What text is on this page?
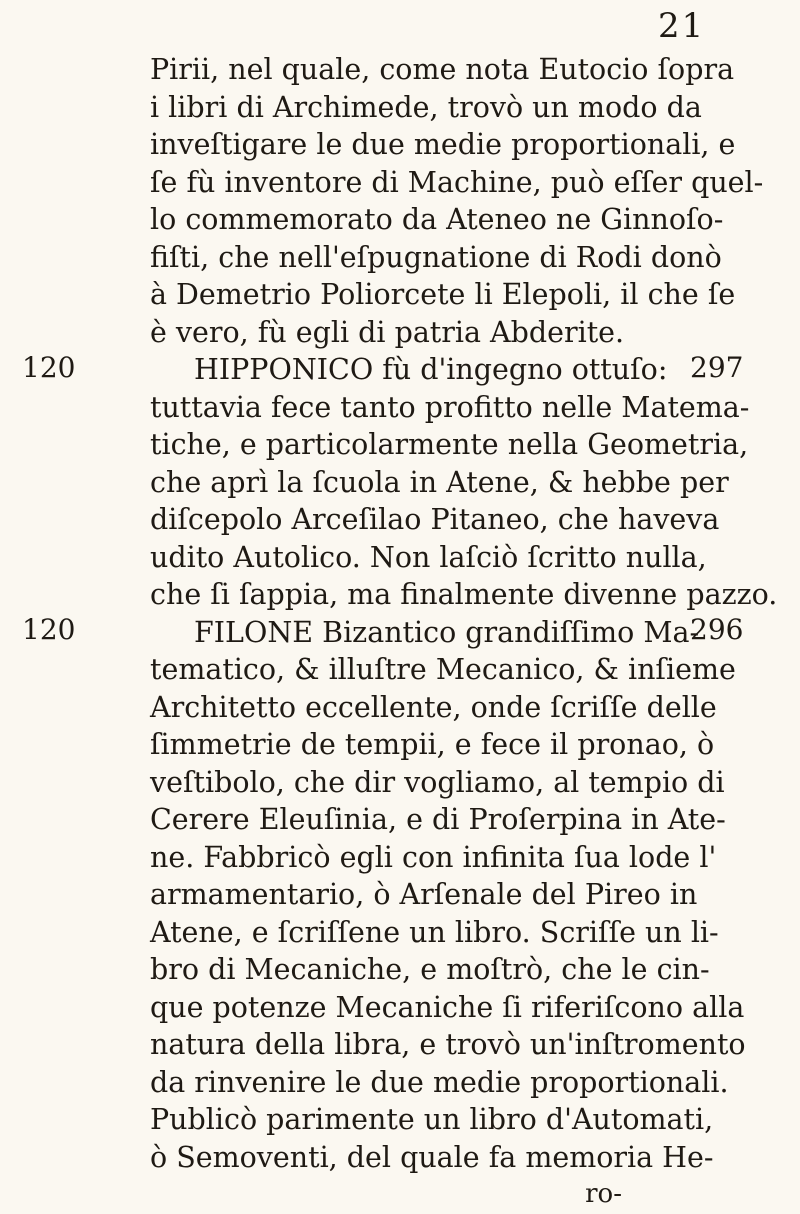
21
120
120
297
296
Pirii, nel quale, come nota Eutocio ſopra
i libri di Archimede, trovò un modo da
inveſtigare le due medie proportionali, e
ſe fù inventore di Machine, può eſſer quel-
lo commemorato da Ateneo ne Ginnoſo-
fiſti, che nell'eſpugnatione di Rodi donò
à Demetrio Poliorcete li Elepoli, il che ſe
è vero, fù egli di patria Abderite.
HIPPONICO fù d'ingegno ottuſo:
tuttavia fece tanto profitto nelle Matema-
tiche, e particolarmente nella Geometria,
che aprì la ſcuola in Atene, & hebbe per
diſcepolo Arceſilao Pitaneo, che haveva
udito Autolico. Non laſciò ſcritto nulla,
che ſi ſappia, ma finalmente divenne pazzo.
FILONE Bizantico grandiſſimo Ma-
tematico, & illuſtre Mecanico, & inſieme
Architetto eccellente, onde ſcriſſe delle
ſimmetrie de tempii, e fece il pronao, ò
veſtibolo, che dir vogliamo, al tempio di
Cerere Eleuſinia, e di Proſerpina in Ate-
ne. Fabbricò egli con infinita ſua lode l'
armamentario, ò Arſenale del Pireo in
Atene, e ſcriſſene un libro. Scriſſe un li-
bro di Mecaniche, e moſtrò, che le cin-
que potenze Mecaniche ſi riferiſcono alla
natura della libra, e trovò un'inſtromento
da rinvenire le due medie proportionali.
Publicò parimente un libro d'Automati,
ò Semoventi, del quale fa memoria He-
ro-
